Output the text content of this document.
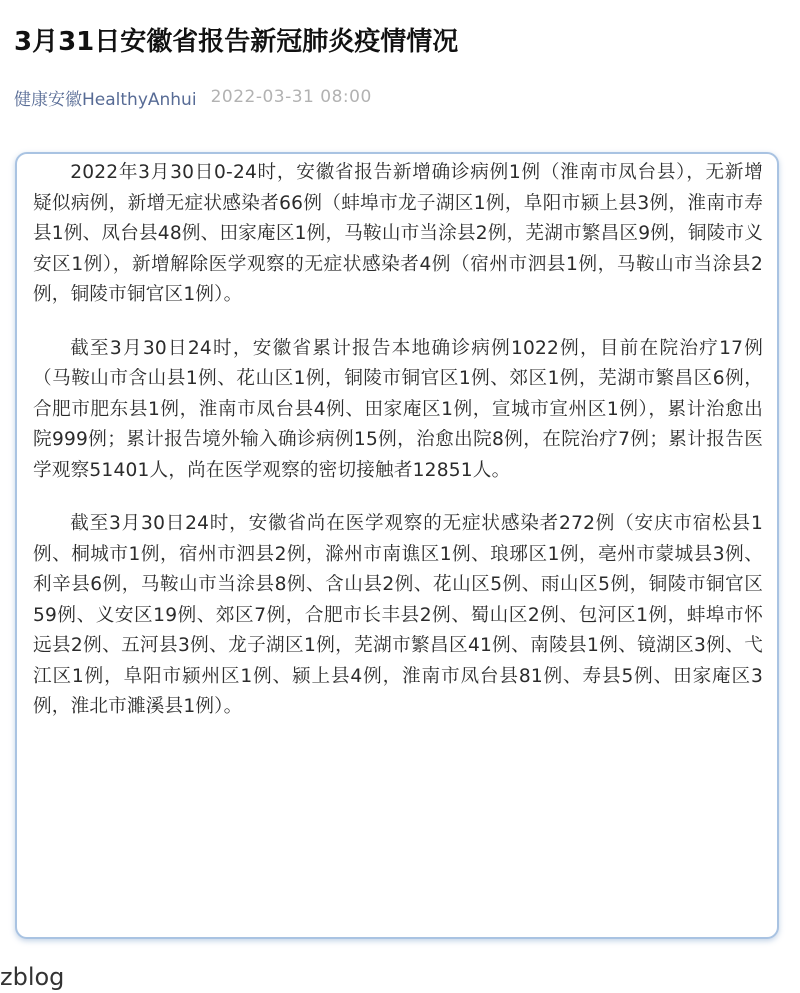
3月31日安徽省报告新冠肺炎疫情情况
健康安徽HealthyAnhui 2022-03-31 08:00

2022年3月30日0-24时，安徽省报告新增确诊病例1例（淮南市凤台县），无新增疑似病例，新增无症状感染者66例（蚌埠市龙子湖区1例，阜阳市颍上县3例，淮南市寿县1例、凤台县48例、田家庵区1例，马鞍山市当涂县2例，芜湖市繁昌区9例，铜陵市义安区1例），新增解除医学观察的无症状感染者4例（宿州市泗县1例，马鞍山市当涂县2例，铜陵市铜官区1例）。

截至3月30日24时，安徽省累计报告本地确诊病例1022例，目前在院治疗17例（马鞍山市含山县1例、花山区1例，铜陵市铜官区1例、郊区1例，芜湖市繁昌区6例，合肥市肥东县1例，淮南市凤台县4例、田家庵区1例，宣城市宣州区1例），累计治愈出院999例；累计报告境外输入确诊病例15例，治愈出院8例，在院治疗7例；累计报告医学观察51401人，尚在医学观察的密切接触者12851人。

截至3月30日24时，安徽省尚在医学观察的无症状感染者272例（安庆市宿松县1例、桐城市1例，宿州市泗县2例，滁州市南谯区1例、琅琊区1例，亳州市蒙城县3例、利辛县6例，马鞍山市当涂县8例、含山县2例、花山区5例、雨山区5例，铜陵市铜官区59例、义安区19例、郊区7例，合肥市长丰县2例、蜀山区2例、包河区1例，蚌埠市怀远县2例、五河县3例、龙子湖区1例，芜湖市繁昌区41例、南陵县1例、镜湖区3例、弋江区1例，阜阳市颍州区1例、颍上县4例，淮南市凤台县81例、寿县5例、田家庵区3例，淮北市濉溪县1例）。

zblog
